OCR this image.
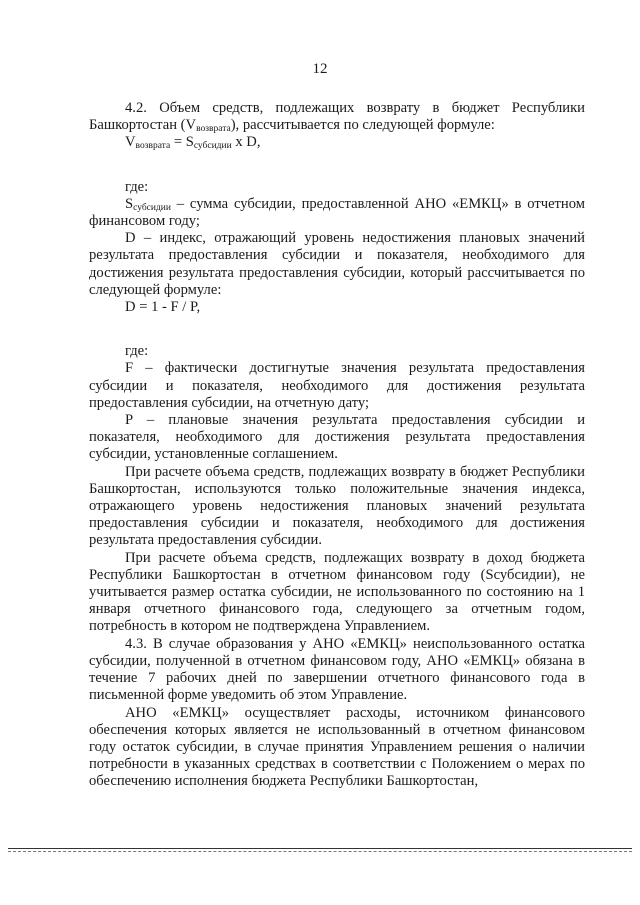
12

4.2. Объем средств, подлежащих возврату в бюджет Республики Башкортостан $(V_{возврата})$, рассчитывается по следующей формуле:

$V_{возврата} = S_{субсидии}$ x D,

где:

$S_{субсидии}$ – сумма субсидии, предоставленной АНО «ЕМКЦ» в отчетном финансовом году;

D – индекс, отражающий уровень недостижения плановых значений результата предоставления субсидии и показателя, необходимого для достижения результата предоставления субсидии, который рассчитывается по следующей формуле:

D = 1 - F / P,

где:

F – фактически достигнутые значения результата предоставления субсидии и показателя, необходимого для достижения результата предоставления субсидии, на отчетную дату;

P – плановые значения результата предоставления субсидии и показателя, необходимого для достижения результата предоставления субсидии, установленные соглашением.

При расчете объема средств, подлежащих возврату в бюджет Республики Башкортостан, используются только положительные значения индекса, отражающего уровень недостижения плановых значений результата предоставления субсидии и показателя, необходимого для достижения результата предоставления субсидии.

При расчете объема средств, подлежащих возврату в доход бюджета Республики Башкортостан в отчетном финансовом году (Sсубсидии), не учитывается размер остатка субсидии, не использованного по состоянию на 1 января отчетного финансового года, следующего за отчетным годом, потребность в котором не подтверждена Управлением.

4.3. В случае образования у АНО «ЕМКЦ» неиспользованного остатка субсидии, полученной в отчетном финансовом году, АНО «ЕМКЦ» обязана в течение 7 рабочих дней по завершении отчетного финансового года в письменной форме уведомить об этом Управление.

АНО «ЕМКЦ» осуществляет расходы, источником финансового обеспечения которых является не использованный в отчетном финансовом году остаток субсидии, в случае принятия Управлением решения о наличии потребности в указанных средствах в соответствии с Положением о мерах по обеспечению исполнения бюджета Республики Башкортостан,
